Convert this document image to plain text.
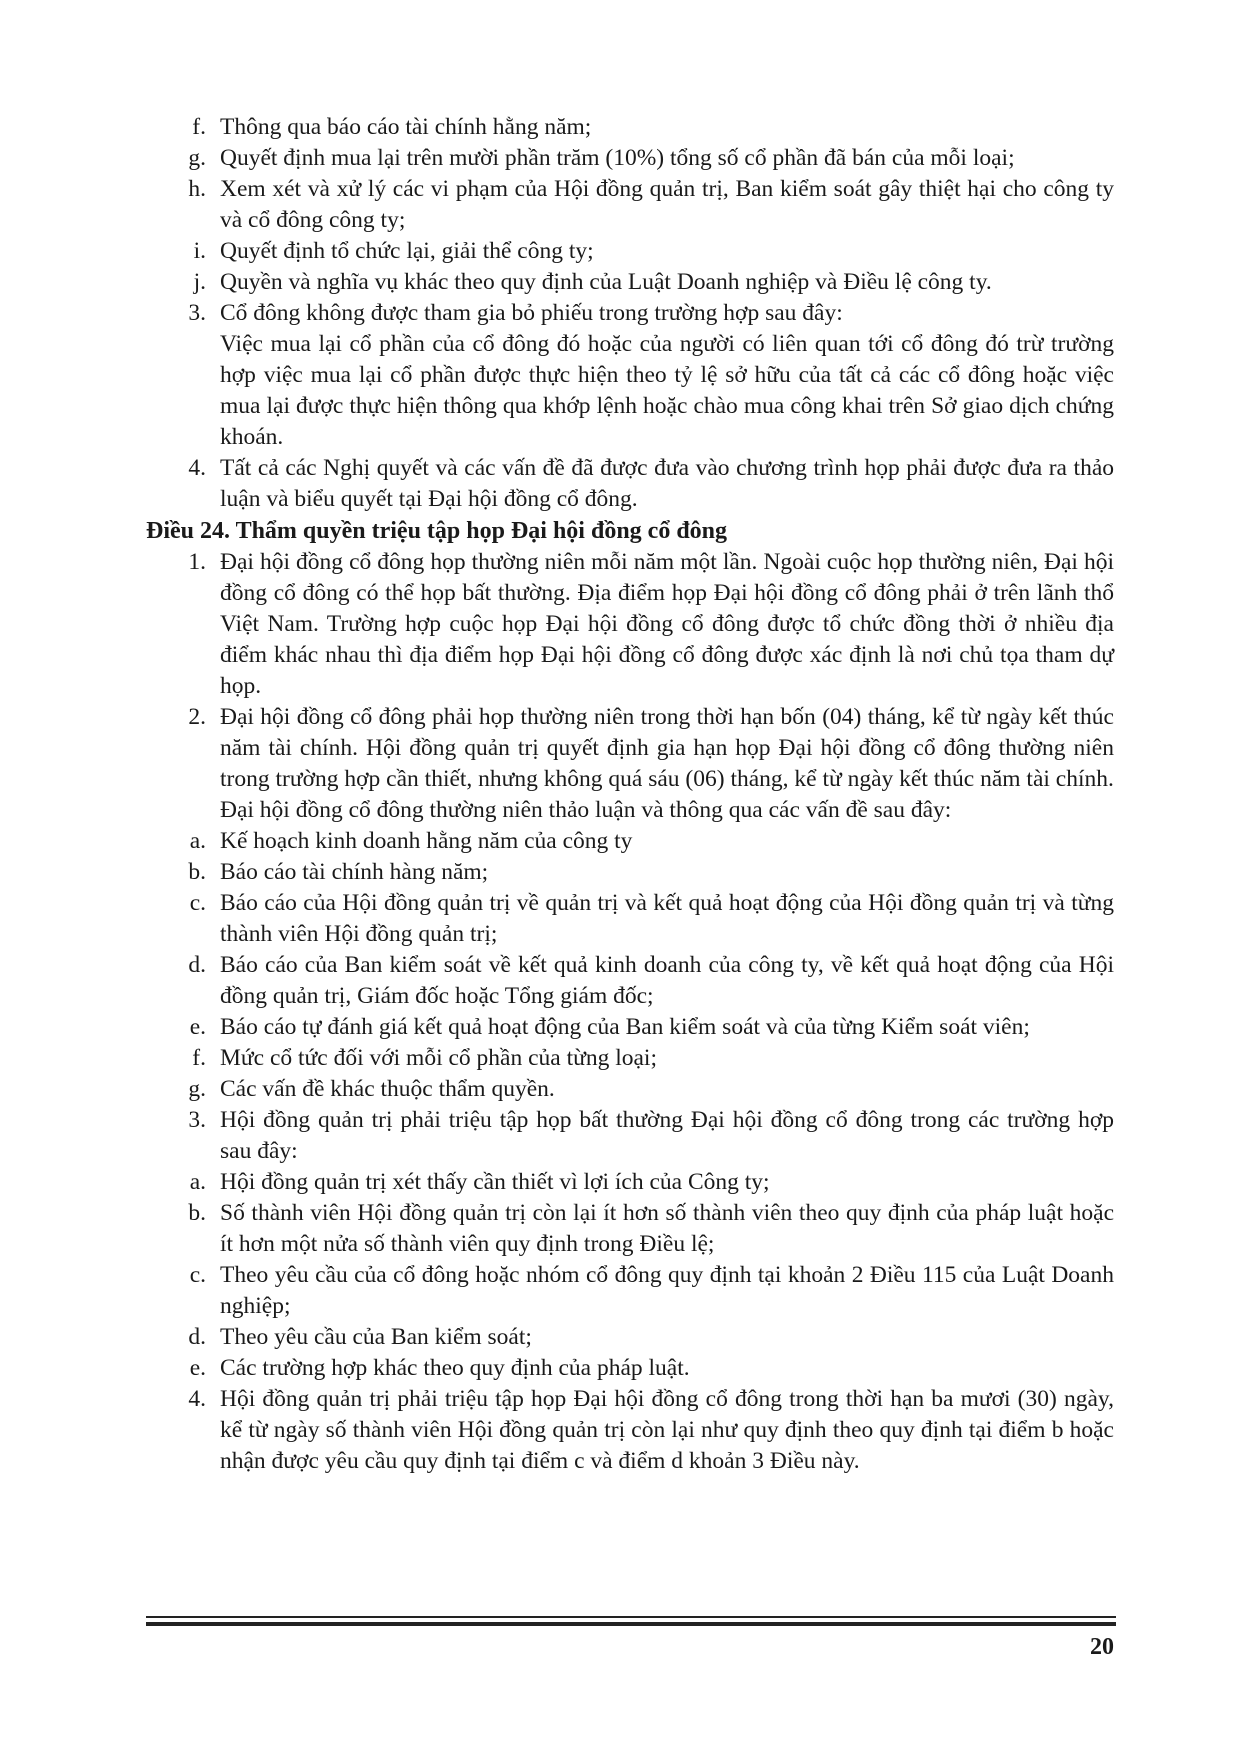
f. Thông qua báo cáo tài chính hằng năm;
g. Quyết định mua lại trên mười phần trăm (10%) tổng số cổ phần đã bán của mỗi loại;
h. Xem xét và xử lý các vi phạm của Hội đồng quản trị, Ban kiểm soát gây thiệt hại cho công ty và cổ đông công ty;
i. Quyết định tổ chức lại, giải thể công ty;
j. Quyền và nghĩa vụ khác theo quy định của Luật Doanh nghiệp và Điều lệ công ty.
3. Cổ đông không được tham gia bỏ phiếu trong trường hợp sau đây:
Việc mua lại cổ phần của cổ đông đó hoặc của người có liên quan tới cổ đông đó trừ trường hợp việc mua lại cổ phần được thực hiện theo tỷ lệ sở hữu của tất cả các cổ đông hoặc việc mua lại được thực hiện thông qua khớp lệnh hoặc chào mua công khai trên Sở giao dịch chứng khoán.
4. Tất cả các Nghị quyết và các vấn đề đã được đưa vào chương trình họp phải được đưa ra thảo luận và biểu quyết tại Đại hội đồng cổ đông.
Điều 24. Thẩm quyền triệu tập họp Đại hội đồng cổ đông
1. Đại hội đồng cổ đông họp thường niên mỗi năm một lần. Ngoài cuộc họp thường niên, Đại hội đồng cổ đông có thể họp bất thường. Địa điểm họp Đại hội đồng cổ đông phải ở trên lãnh thổ Việt Nam. Trường hợp cuộc họp Đại hội đồng cổ đông được tổ chức đồng thời ở nhiều địa điểm khác nhau thì địa điểm họp Đại hội đồng cổ đông được xác định là nơi chủ tọa tham dự họp.
2. Đại hội đồng cổ đông phải họp thường niên trong thời hạn bốn (04) tháng, kể từ ngày kết thúc năm tài chính. Hội đồng quản trị quyết định gia hạn họp Đại hội đồng cổ đông thường niên trong trường hợp cần thiết, nhưng không quá sáu (06) tháng, kể từ ngày kết thúc năm tài chính.
Đại hội đồng cổ đông thường niên thảo luận và thông qua các vấn đề sau đây:
a. Kế hoạch kinh doanh hằng năm của công ty
b. Báo cáo tài chính hàng năm;
c. Báo cáo của Hội đồng quản trị về quản trị và kết quả hoạt động của Hội đồng quản trị và từng thành viên Hội đồng quản trị;
d. Báo cáo của Ban kiểm soát về kết quả kinh doanh của công ty, về kết quả hoạt động của Hội đồng quản trị, Giám đốc hoặc Tổng giám đốc;
e. Báo cáo tự đánh giá kết quả hoạt động của Ban kiểm soát và của từng Kiểm soát viên;
f. Mức cổ tức đối với mỗi cổ phần của từng loại;
g. Các vấn đề khác thuộc thẩm quyền.
3. Hội đồng quản trị phải triệu tập họp bất thường Đại hội đồng cổ đông trong các trường hợp sau đây:
a. Hội đồng quản trị xét thấy cần thiết vì lợi ích của Công ty;
b. Số thành viên Hội đồng quản trị còn lại ít hơn số thành viên theo quy định của pháp luật hoặc ít hơn một nửa số thành viên quy định trong Điều lệ;
c. Theo yêu cầu của cổ đông hoặc nhóm cổ đông quy định tại khoản 2 Điều 115 của Luật Doanh nghiệp;
d. Theo yêu cầu của Ban kiểm soát;
e. Các trường hợp khác theo quy định của pháp luật.
4. Hội đồng quản trị phải triệu tập họp Đại hội đồng cổ đông trong thời hạn ba mươi (30) ngày, kể từ ngày số thành viên Hội đồng quản trị còn lại như quy định theo quy định tại điểm b hoặc nhận được yêu cầu quy định tại điểm c và điểm d khoản 3 Điều này.
20
